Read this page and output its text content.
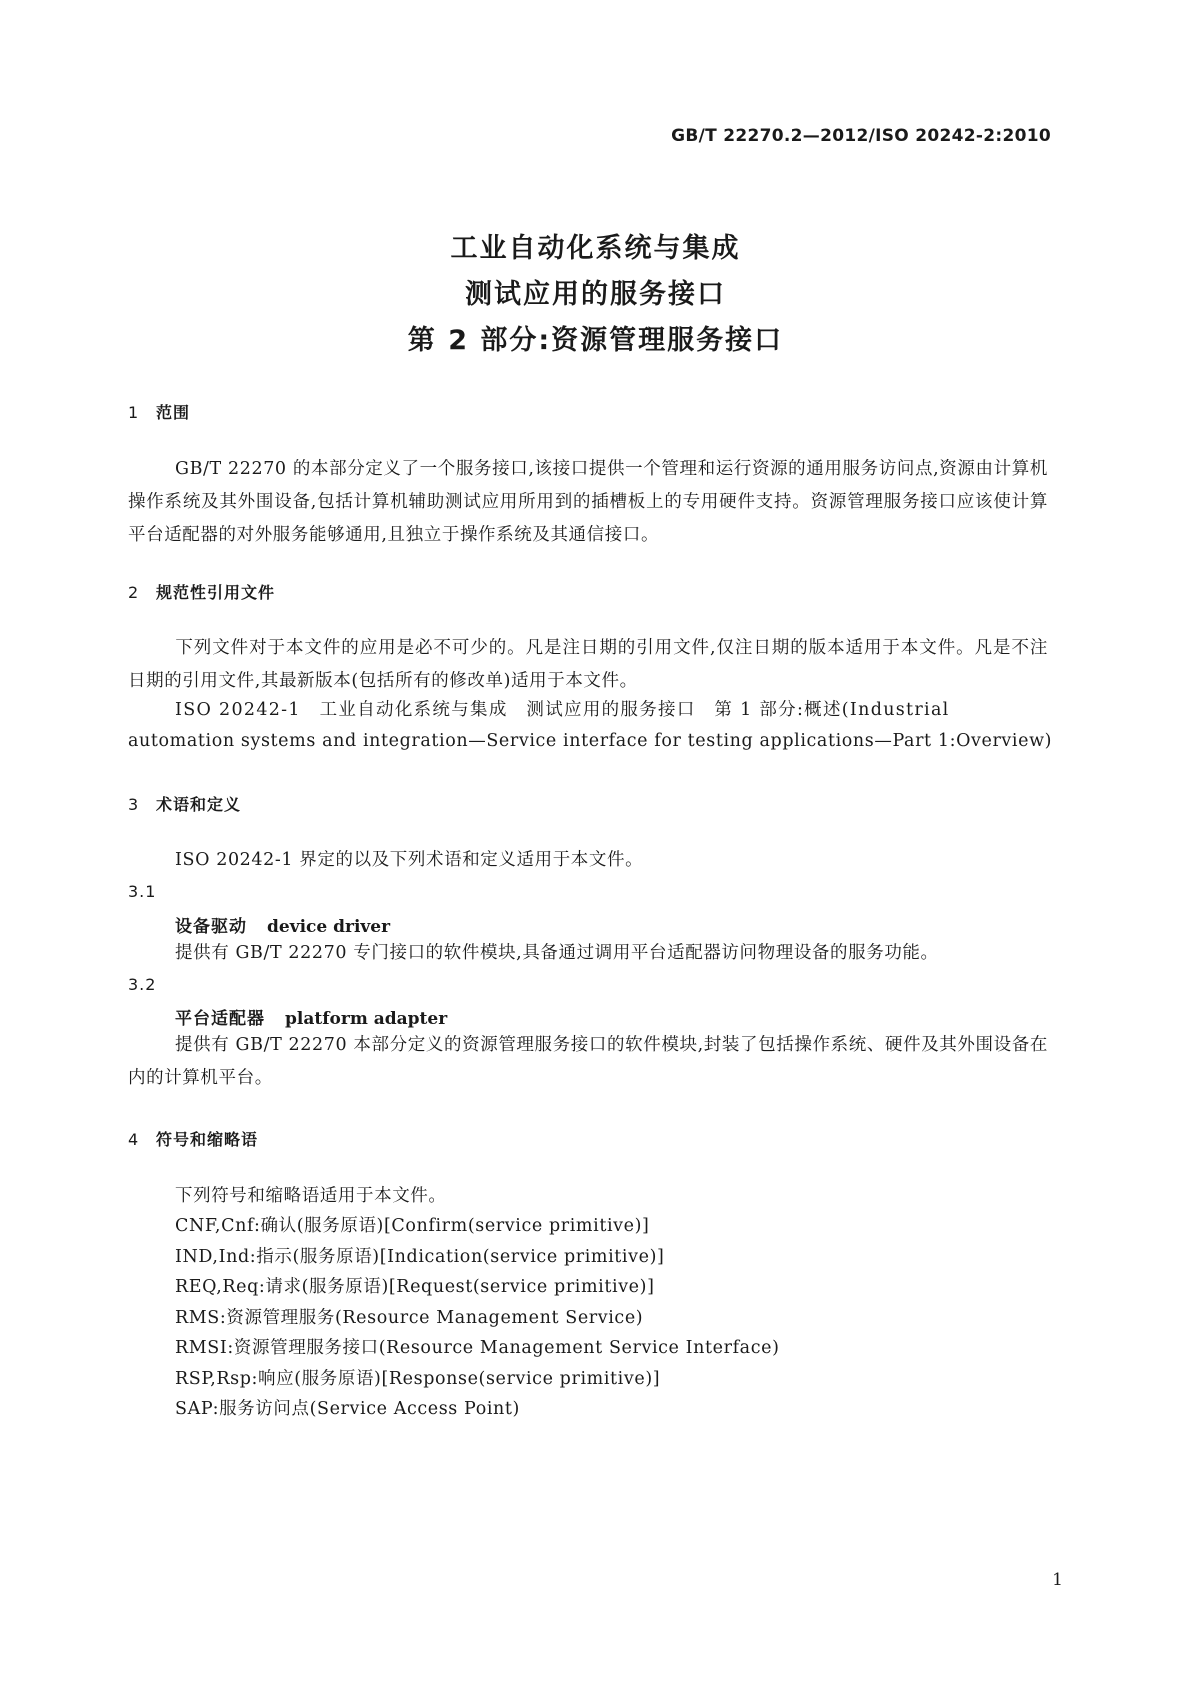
GB/T 22270.2—2012/ISO 20242-2:2010
工业自动化系统与集成
测试应用的服务接口
第 2 部分:资源管理服务接口
1 范围

GB/T 22270 的本部分定义了一个服务接口,该接口提供一个管理和运行资源的通用服务访问点,资源由计算机操作系统及其外围设备,包括计算机辅助测试应用所用到的插槽板上的专用硬件支持。资源管理服务接口应该使计算平台适配器的对外服务能够通用,且独立于操作系统及其通信接口。

2 规范性引用文件

下列文件对于本文件的应用是必不可少的。凡是注日期的引用文件,仅注日期的版本适用于本文件。凡是不注日期的引用文件,其最新版本(包括所有的修改单)适用于本文件。

ISO 20242-1　工业自动化系统与集成　测试应用的服务接口　第 1 部分:概述(Industrial
automation systems and integration—Service interface for testing applications—Part 1:Overview)
3 术语和定义
ISO 20242-1 界定的以及下列术语和定义适用于本文件。
3.1
设备驱动 device driver
提供有 GB/T 22270 专门接口的软件模块,具备通过调用平台适配器访问物理设备的服务功能。
3.2
平台适配器 platform adapter

提供有 GB/T 22270 本部分定义的资源管理服务接口的软件模块,封装了包括操作系统、硬件及其外围设备在内的计算机平台。

4 符号和缩略语
下列符号和缩略语适用于本文件。
CNF,Cnf:确认(服务原语)[Confirm(service primitive)]
IND,Ind:指示(服务原语)[Indication(service primitive)]
REQ,Req:请求(服务原语)[Request(service primitive)]
RMS:资源管理服务(Resource Management Service)
RMSI:资源管理服务接口(Resource Management Service Interface)
RSP,Rsp:响应(服务原语)[Response(service primitive)]
SAP:服务访问点(Service Access Point)
1
